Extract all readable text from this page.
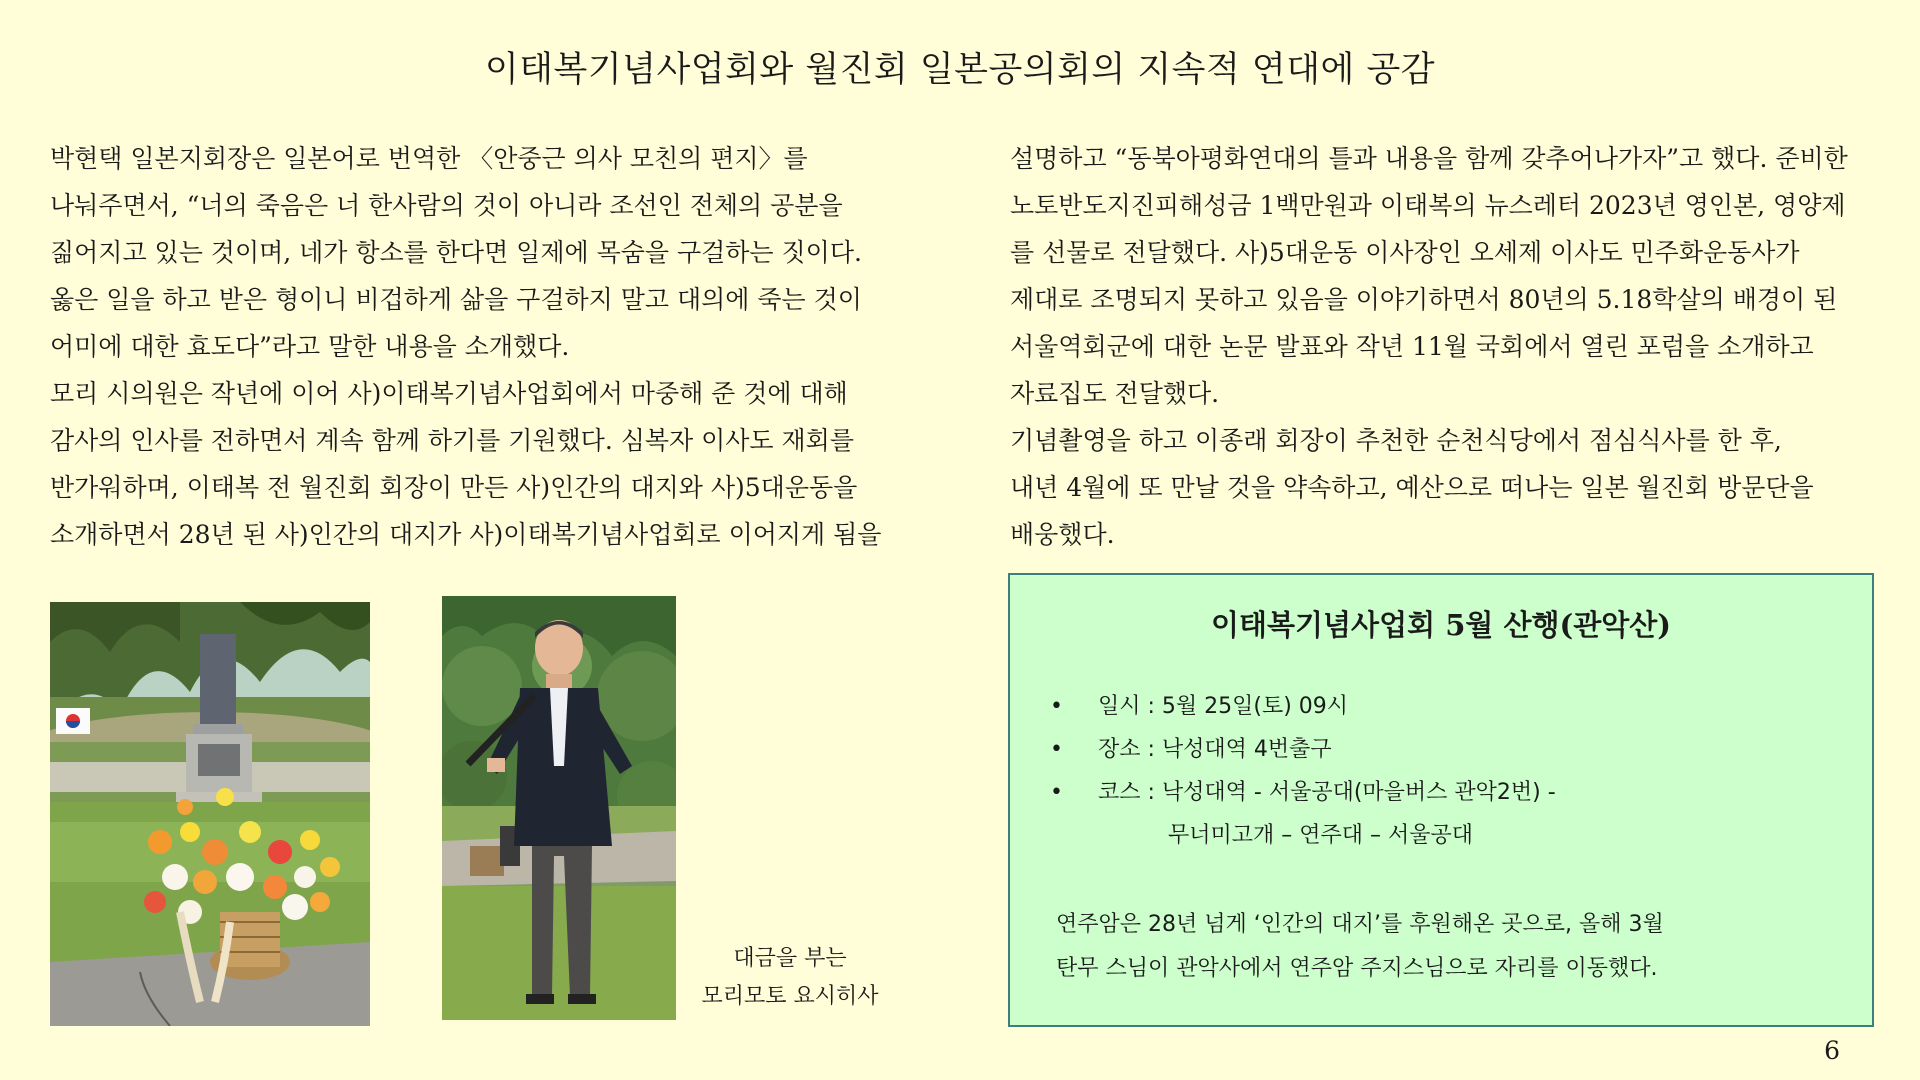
이태복기념사업회와 월진회 일본공의회의 지속적 연대에 공감
박현택 일본지회장은 일본어로 번역한 〈안중근 의사 모친의 편지〉를
나눠주면서, “너의 죽음은 너 한사람의 것이 아니라 조선인 전체의 공분을
짊어지고 있는 것이며, 네가 항소를 한다면 일제에 목숨을 구걸하는 짓이다.
옳은 일을 하고 받은 형이니 비겁하게 삶을 구걸하지 말고 대의에 죽는 것이
어미에 대한 효도다”라고 말한 내용을 소개했다.
모리 시의원은 작년에 이어 사)이태복기념사업회에서 마중해 준 것에 대해
감사의 인사를 전하면서 계속 함께 하기를 기원했다. 심복자 이사도 재회를
반가워하며, 이태복 전 월진회 회장이 만든 사)인간의 대지와 사)5대운동을
소개하면서 28년 된 사)인간의 대지가 사)이태복기념사업회로 이어지게 됨을
설명하고 “동북아평화연대의 틀과 내용을 함께 갖추어나가자”고 했다. 준비한
노토반도지진피해성금 1백만원과 이태복의 뉴스레터 2023년 영인본, 영양제
를 선물로 전달했다. 사)5대운동 이사장인 오세제 이사도 민주화운동사가
제대로 조명되지 못하고 있음을 이야기하면서 80년의 5.18학살의 배경이 된
서울역회군에 대한 논문 발표와 작년 11월 국회에서 열린 포럼을 소개하고
자료집도 전달했다.
기념촬영을 하고 이종래 회장이 추천한 순천식당에서 점심식사를 한 후,
내년 4월에 또 만날 것을 약속하고, 예산으로 떠나는 일본 월진회 방문단을
배웅했다.
대금을 부는
모리모토 요시히사
이태복기념사업회 5월 산행(관악산)
•	일시 : 5월 25일(토) 09시
•	장소 : 낙성대역 4번출구
•	코스 : 낙성대역 - 서울공대(마을버스 관악2번) -
무너미고개 – 연주대 – 서울공대
연주암은 28년 넘게 ‘인간의 대지’를 후원해온 곳으로, 올해 3월
탄무 스님이 관악사에서 연주암 주지스님으로 자리를 이동했다.
6
